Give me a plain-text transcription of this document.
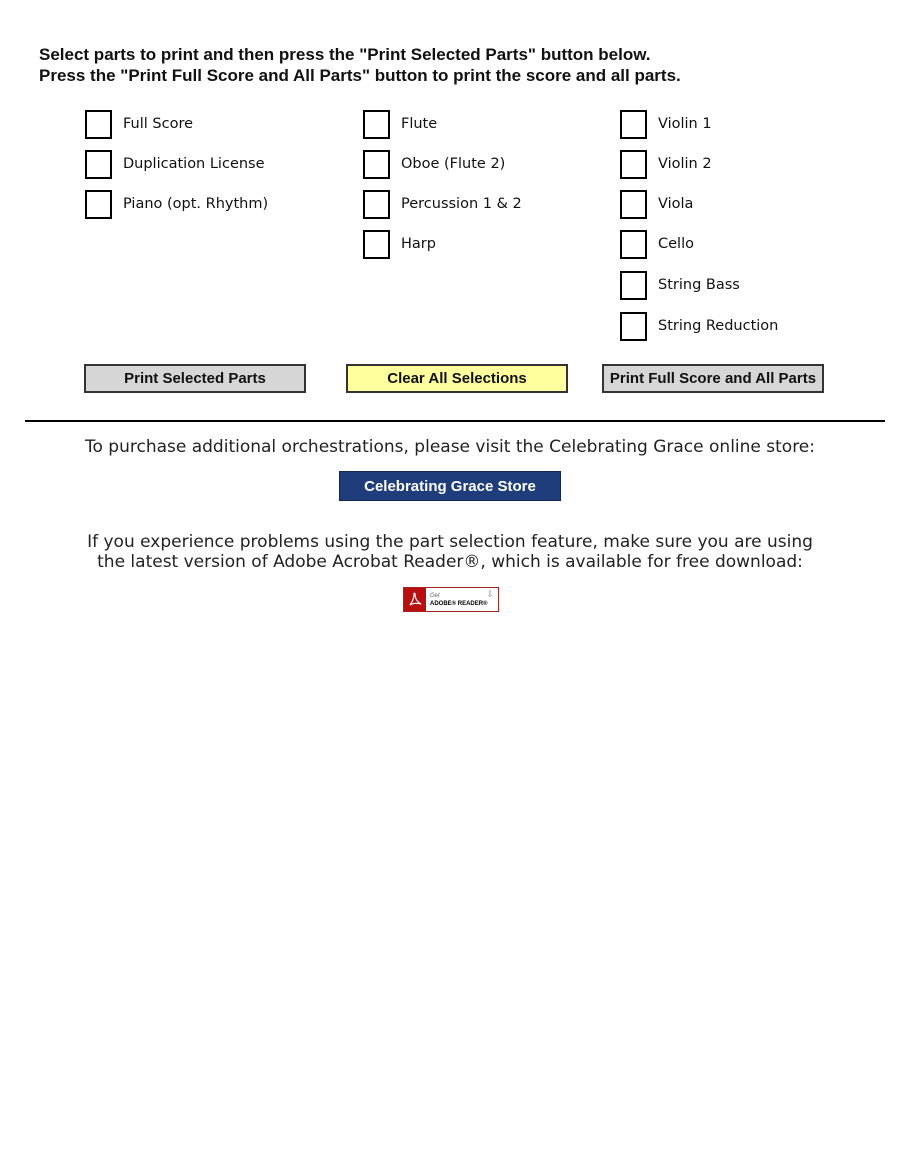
Select parts to print and then press the "Print Selected Parts" button below.
Press the "Print Full Score and All Parts" button to print the score and all parts.
Full Score
Duplication License
Piano (opt. Rhythm)
Flute
Oboe (Flute 2)
Percussion 1 & 2
Harp
Violin 1
Violin 2
Viola
Cello
String Bass
String Reduction
Print Selected Parts	Clear All Selections	Print Full Score and All Parts
To purchase additional orchestrations, please visit the Celebrating Grace online store:
Celebrating Grace Store
If you experience problems using the part selection feature, make sure you are using
the latest version of Adobe Acrobat Reader®, which is available for free download:
Get
ADOBE® READER®
⇩
